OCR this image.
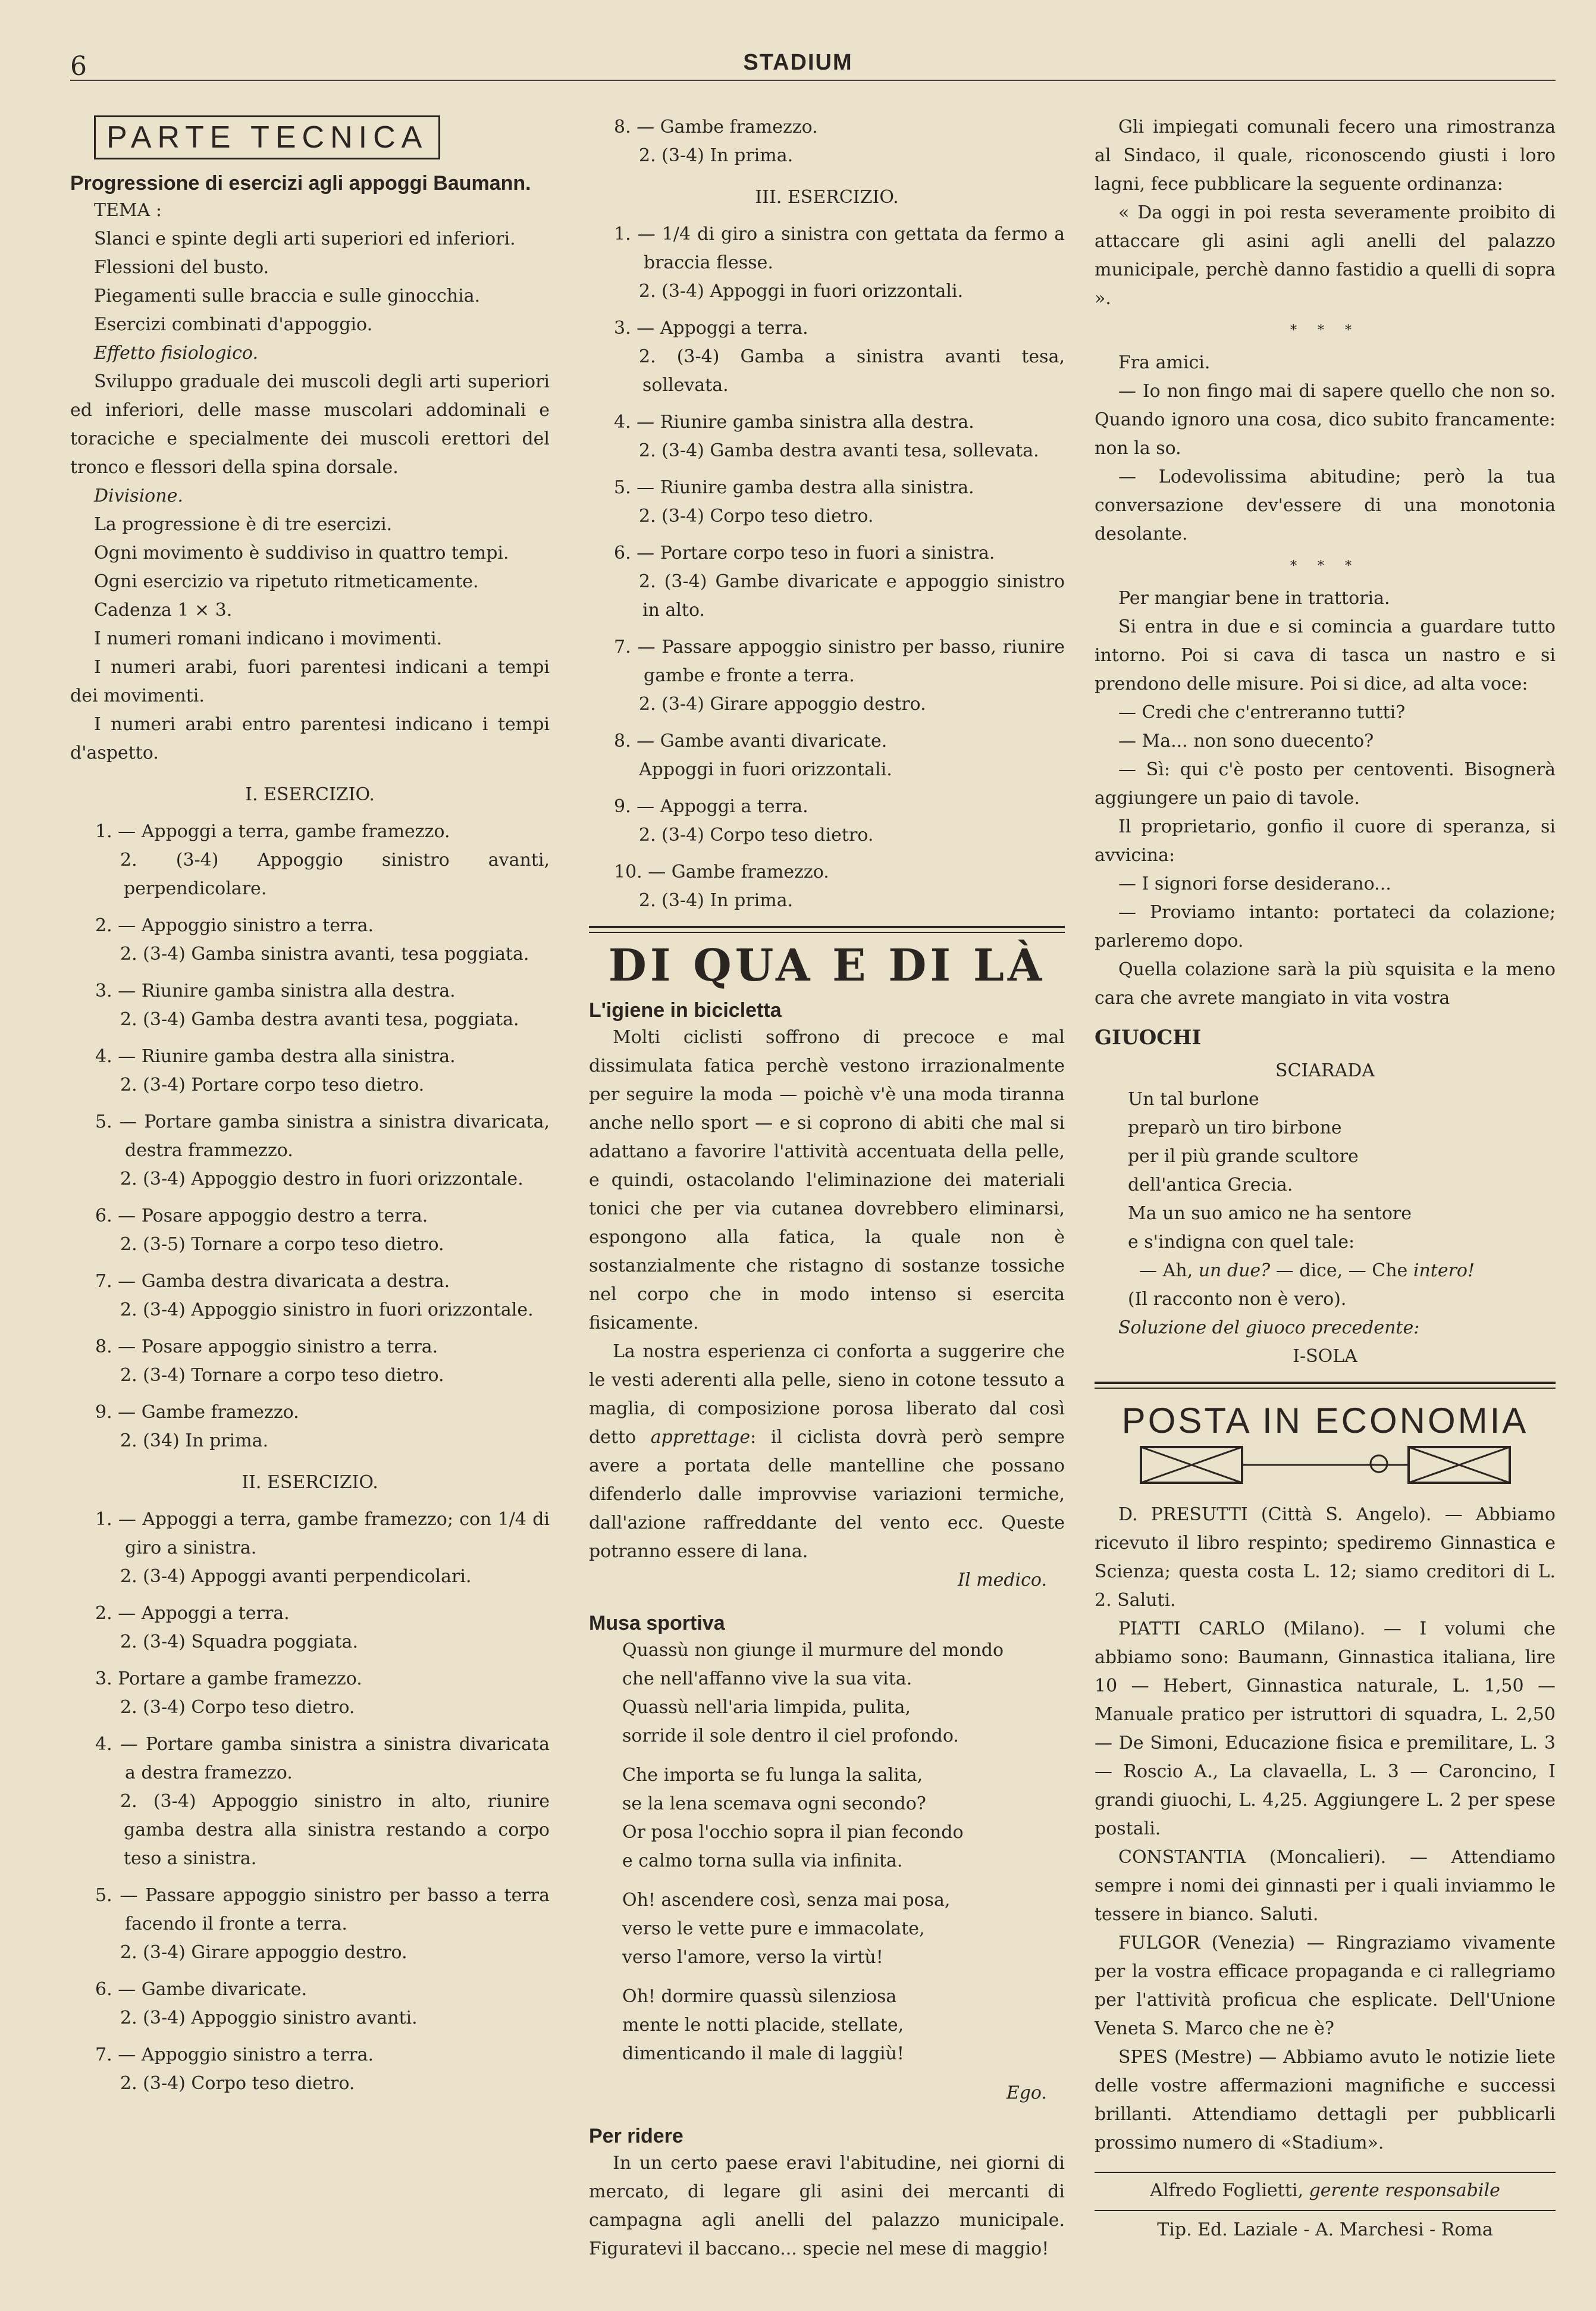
6	STADIUM
PARTE TECNICA

Progressione di esercizi agli appoggi Baumann.

TEMA :

Slanci e spinte degli arti superiori ed inferiori.

Flessioni del busto.

Piegamenti sulle braccia e sulle ginocchia.

Esercizi combinati d'appoggio.

Effetto fisiologico.

Sviluppo graduale dei muscoli degli arti superiori ed inferiori, delle masse muscolari addominali e toraciche e specialmente dei muscoli erettori del tronco e flessori della spina dorsale.

Divisione.

La progressione è di tre esercizi.

Ogni movimento è suddiviso in quattro tempi.

Ogni esercizio va ripetuto ritmeticamente.

Cadenza 1 × 3.

I numeri romani indicano i movimenti.

I numeri arabi, fuori parentesi indicani a tempi dei movimenti.

I numeri arabi entro parentesi indicano i tempi d'aspetto.

I. ESERCIZIO.

1. — Appoggi a terra, gambe framezzo.

2. (3-4) Appoggio sinistro avanti, perpendicolare.

2. — Appoggio sinistro a terra.

2. (3-4) Gamba sinistra avanti, tesa poggiata.

3. — Riunire gamba sinistra alla destra.

2. (3-4) Gamba destra avanti tesa, poggiata.

4. — Riunire gamba destra alla sinistra.

2. (3-4) Portare corpo teso dietro.

5. — Portare gamba sinistra a sinistra divaricata, destra frammezzo.

2. (3-4) Appoggio destro in fuori orizzontale.

6. — Posare appoggio destro a terra.

2. (3-5) Tornare a corpo teso dietro.

7. — Gamba destra divaricata a destra.

2. (3-4) Appoggio sinistro in fuori orizzontale.

8. — Posare appoggio sinistro a terra.

2. (3-4) Tornare a corpo teso dietro.

9. — Gambe framezzo.

2. (34) In prima.

II. ESERCIZIO.

1. — Appoggi a terra, gambe framezzo; con 1/4 di giro a sinistra.

2. (3-4) Appoggi avanti perpendicolari.

2. — Appoggi a terra.

2. (3-4) Squadra poggiata.

3. Portare a gambe framezzo.

2. (3-4) Corpo teso dietro.

4. — Portare gamba sinistra a sinistra divaricata a destra framezzo.

2. (3-4) Appoggio sinistro in alto, riunire gamba destra alla sinistra restando a corpo teso a sinistra.

5. — Passare appoggio sinistro per basso a terra facendo il fronte a terra.

2. (3-4) Girare appoggio destro.

6. — Gambe divaricate.

2. (3-4) Appoggio sinistro avanti.

7. — Appoggio sinistro a terra.

2. (3-4) Corpo teso dietro.

8. — Gambe framezzo.

2. (3-4) In prima.

III. ESERCIZIO.

1. — 1/4 di giro a sinistra con gettata da fermo a braccia flesse.

2. (3-4) Appoggi in fuori orizzontali.

3. — Appoggi a terra.

2. (3-4) Gamba a sinistra avanti tesa, sollevata.

4. — Riunire gamba sinistra alla destra.

2. (3-4) Gamba destra avanti tesa, sollevata.

5. — Riunire gamba destra alla sinistra.

2. (3-4) Corpo teso dietro.

6. — Portare corpo teso in fuori a sinistra.

2. (3-4) Gambe divaricate e appoggio sinistro in alto.

7. — Passare appoggio sinistro per basso, riunire gambe e fronte a terra.

2. (3-4) Girare appoggio destro.

8. — Gambe avanti divaricate.

Appoggi in fuori orizzontali.

9. — Appoggi a terra.

2. (3-4) Corpo teso dietro.

10. — Gambe framezzo.

2. (3-4) In prima.

DI QUA E DI LÀ

L'igiene in bicicletta

Molti ciclisti soffrono di precoce e mal dissimulata fatica perchè vestono irrazionalmente per seguire la moda — poichè v'è una moda tiranna anche nello sport — e si coprono di abiti che mal si adattano a favorire l'attività accentuata della pelle, e quindi, ostacolando l'eliminazione dei materiali tonici che per via cutanea dovrebbero eliminarsi, espongono alla fatica, la quale non è sostanzialmente che ristagno di sostanze tossiche nel corpo che in modo intenso si esercita fisicamente.

La nostra esperienza ci conforta a suggerire che le vesti aderenti alla pelle, sieno in cotone tessuto a maglia, di composizione porosa liberato dal così detto apprettage: il ciclista dovrà però sempre avere a portata delle mantelline che possano difenderlo dalle improvvise variazioni termiche, dall'azione raffreddante del vento ecc. Queste potranno essere di lana.

Il medico.

Musa sportiva

Quassù non giunge il murmure del mondo

che nell'affanno vive la sua vita.

Quassù nell'aria limpida, pulita,

sorride il sole dentro il ciel profondo.

Che importa se fu lunga la salita,

se la lena scemava ogni secondo?

Or posa l'occhio sopra il pian fecondo

e calmo torna sulla via infinita.

Oh! ascendere così, senza mai posa,

verso le vette pure e immacolate,

verso l'amore, verso la virtù!

Oh! dormire quassù silenziosa

mente le notti placide, stellate,

dimenticando il male di laggiù!

Ego.

Per ridere

In un certo paese eravi l'abitudine, nei giorni di mercato, di legare gli asini dei mercanti di campagna agli anelli del palazzo municipale. Figuratevi il baccano... specie nel mese di maggio!

Gli impiegati comunali fecero una rimostranza al Sindaco, il quale, riconoscendo giusti i loro lagni, fece pubblicare la seguente ordinanza:

« Da oggi in poi resta severamente proibito di attaccare gli asini agli anelli del palazzo municipale, perchè danno fastidio a quelli di sopra ».

* * *

Fra amici.

— Io non fingo mai di sapere quello che non so. Quando ignoro una cosa, dico subito francamente: non la so.

— Lodevolissima abitudine; però la tua conversazione dev'essere di una monotonia desolante.

* * *

Per mangiar bene in trattoria.

Si entra in due e si comincia a guardare tutto intorno. Poi si cava di tasca un nastro e si prendono delle misure. Poi si dice, ad alta voce:

— Credi che c'entreranno tutti?

— Ma... non sono duecento?

— Sì: qui c'è posto per centoventi. Bisognerà aggiungere un paio di tavole.

Il proprietario, gonfio il cuore di speranza, si avvicina:

— I signori forse desiderano...

— Proviamo intanto: portateci da colazione; parleremo dopo.

Quella colazione sarà la più squisita e la meno cara che avrete mangiato in vita vostra

GIUOCHI

SCIARADA

Un tal burlone

preparò un tiro birbone

per il più grande scultore

dell'antica Grecia.

Ma un suo amico ne ha sentore

e s'indigna con quel tale:

— Ah, un due? — dice, — Che intero!

(Il racconto non è vero).

Soluzione del giuoco precedente:

I-SOLA

POSTA IN ECONOMIA

D. PRESUTTI (Città S. Angelo). — Abbiamo ricevuto il libro respinto; spediremo Ginnastica e Scienza; questa costa L. 12; siamo creditori di L. 2. Saluti.

PIATTI CARLO (Milano). — I volumi che abbiamo sono: Baumann, Ginnastica italiana, lire 10 — Hebert, Ginnastica naturale, L. 1,50 — Manuale pratico per istruttori di squadra, L. 2,50 — De Simoni, Educazione fisica e premilitare, L. 3 — Roscio A., La clavaella, L. 3 — Caroncino, I grandi giuochi, L. 4,25. Aggiungere L. 2 per spese postali.

CONSTANTIA (Moncalieri). — Attendiamo sempre i nomi dei ginnasti per i quali inviammo le tessere in bianco. Saluti.

FULGOR (Venezia) — Ringraziamo vivamente per la vostra efficace propaganda e ci rallegriamo per l'attività proficua che esplicate. Dell'Unione Veneta S. Marco che ne è?

SPES (Mestre) — Abbiamo avuto le notizie liete delle vostre affermazioni magnifiche e successi brillanti. Attendiamo dettagli per pubblicarli prossimo numero di «Stadium».

Alfredo Foglietti, gerente responsabile
Tip. Ed. Laziale - A. Marchesi - Roma
